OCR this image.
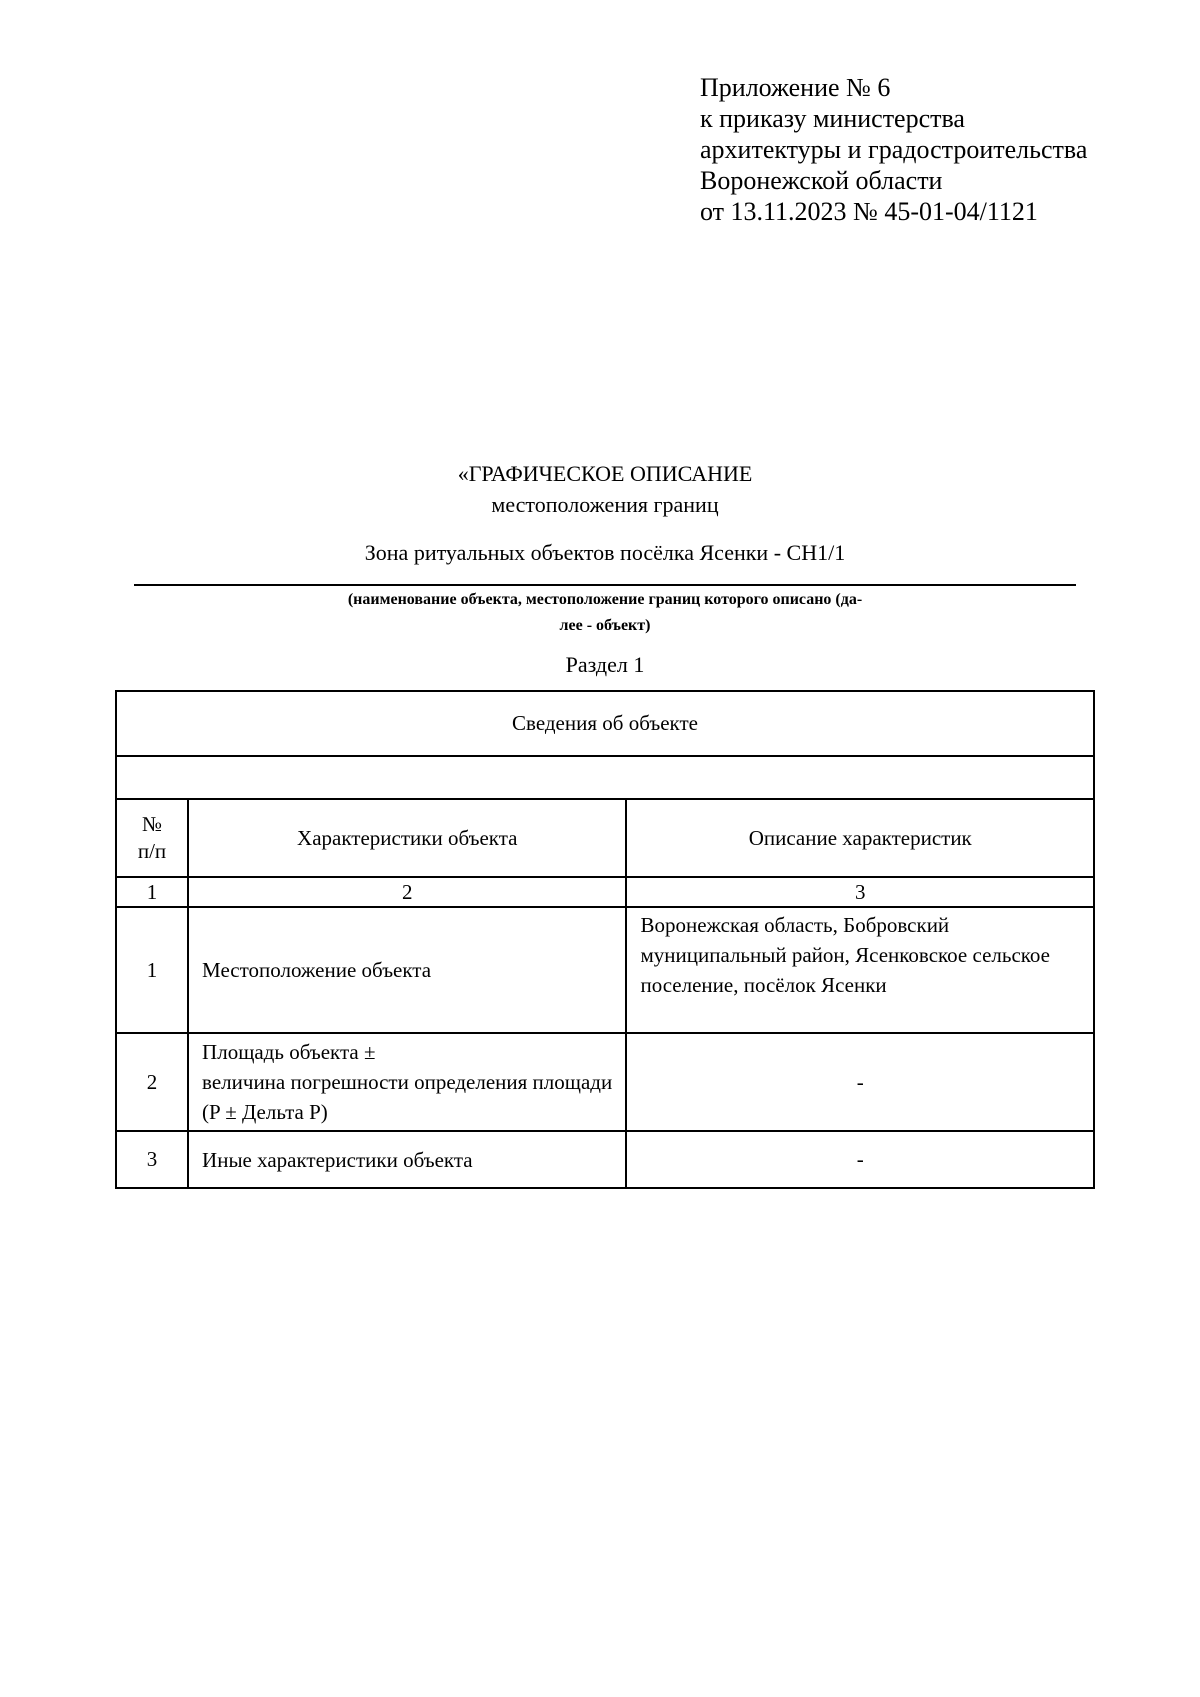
Приложение № 6
к приказу министерства
архитектуры и градостроительства
Воронежской области
от 13.11.2023 № 45-01-04/1121
«ГРАФИЧЕСКОЕ ОПИСАНИЕ
местоположения границ
Зона ритуальных объектов посёлка Ясенки - СН1/1
(наименование объекта, местоположение границ которого описано (да-
лее - объект)
Раздел 1
Сведения об объекте		

№
п/п	Характеристики объекта	Описание характеристик
1	2	3
1	Местоположение объекта	Воронежская область, Бобровский муниципальный район, Ясенковское сельское поселение, посёлок Ясенки
2	Площадь объекта ±
величина погрешности определения площади (P ± Дельта P)	-
3	Иные характеристики объекта	-
